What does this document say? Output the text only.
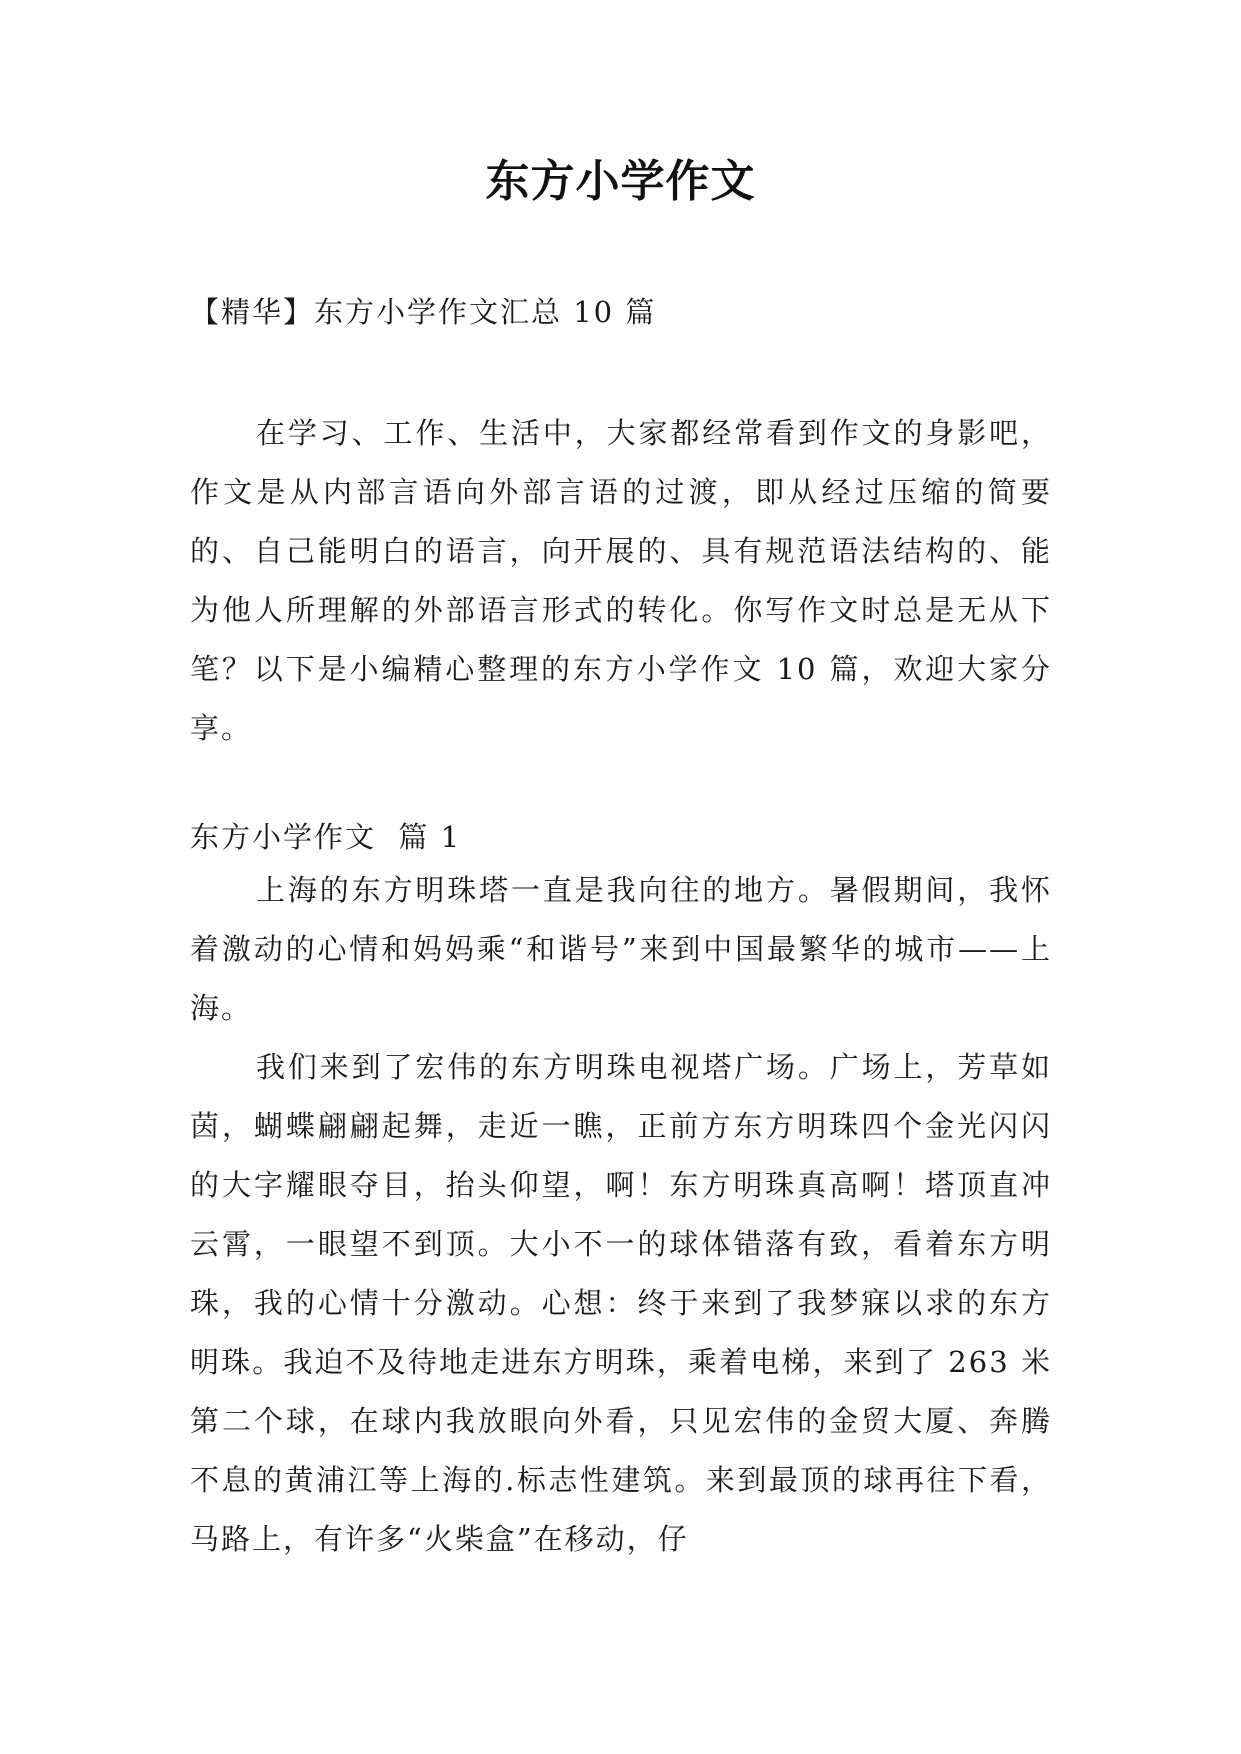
东方小学作文
【精华】东方小学作文汇总 10 篇

在学习、工作、生活中，大家都经常看到作文的身影吧，作文是从内部言语向外部言语的过渡，即从经过压缩的简要的、自己能明白的语言，向开展的、具有规范语法结构的、能为他人所理解的外部语言形式的转化。你写作文时总是无从下笔？以下是小编精心整理的东方小学作文 10 篇，欢迎大家分享。

东方小学作文  篇 1

上海的东方明珠塔一直是我向往的地方。暑假期间，我怀着激动的心情和妈妈乘“和谐号”来到中国最繁华的城市——上海。

我们来到了宏伟的东方明珠电视塔广场。广场上，芳草如茵，蝴蝶翩翩起舞，走近一瞧，正前方东方明珠四个金光闪闪的大字耀眼夺目，抬头仰望，啊！东方明珠真高啊！塔顶直冲云霄，一眼望不到顶。大小不一的球体错落有致，看着东方明珠，我的心情十分激动。心想：终于来到了我梦寐以求的东方明珠。我迫不及待地走进东方明珠，乘着电梯，来到了 263 米第二个球，在球内我放眼向外看，只见宏伟的金贸大厦、奔腾不息的黄浦江等上海的.标志性建筑。来到最顶的球再往下看，马路上，有许多“火柴盒”在移动，仔
